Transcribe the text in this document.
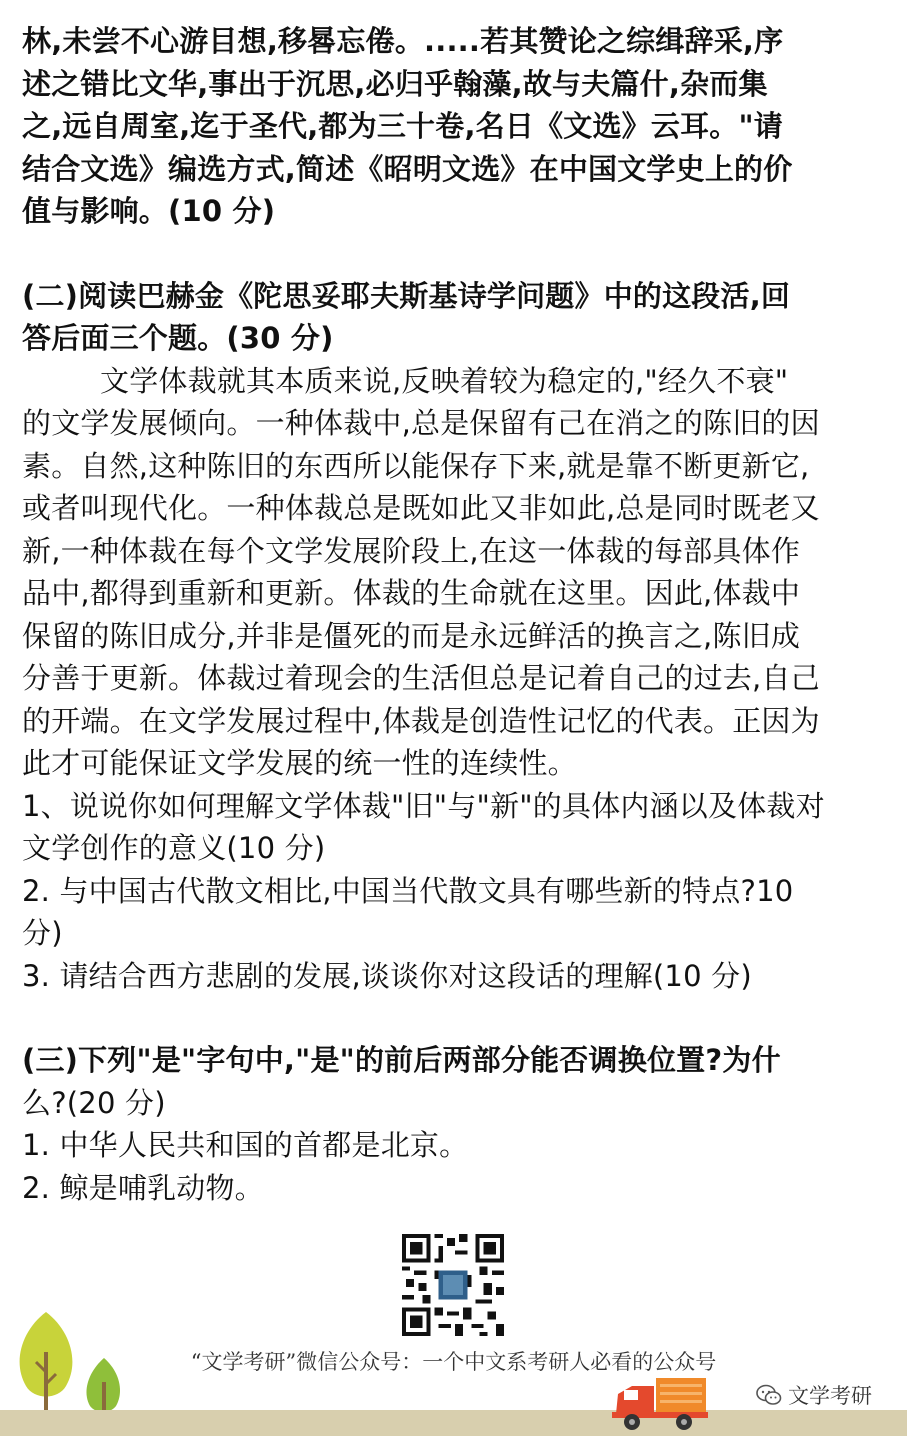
林,未尝不心游目想,移晷忘倦。.....若其赞论之综缉辞采,序
述之错比文华,事出于沉思,必归乎翰藻,故与夫篇什,杂而集
之,远自周室,迄于圣代,都为三十卷,名日《文选》云耳。"请
结合文选》编选方式,简述《昭明文选》在中国文学史上的价
值与影响。(10 分)
(二)阅读巴赫金《陀思妥耶夫斯基诗学问题》中的这段活,回
答后面三个题。(30 分)
文学体裁就其本质来说,反映着较为稳定的,"经久不衰"
的文学发展倾向。一种体裁中,总是保留有己在消之的陈旧的因
素。自然,这种陈旧的东西所以能保存下来,就是靠不断更新它,
或者叫现代化。一种体裁总是既如此又非如此,总是同时既老又
新,一种体裁在每个文学发展阶段上,在这一体裁的每部具体作
品中,都得到重新和更新。体裁的生命就在这里。因此,体裁中
保留的陈旧成分,并非是僵死的而是永远鲜活的换言之,陈旧成
分善于更新。体裁过着现会的生活但总是记着自己的过去,自己
的开端。在文学发展过程中,体裁是创造性记忆的代表。正因为
此才可能保证文学发展的统一性的连续性。
1、说说你如何理解文学体裁"旧"与"新"的具体内涵以及体裁对
文学创作的意义(10 分)
2. 与中国古代散文相比,中国当代散文具有哪些新的特点?10
分)
3. 请结合西方悲剧的发展,谈谈你对这段话的理解(10 分)
(三)下列"是"字句中,"是"的前后两部分能否调换位置?为什
么?(20 分)
1. 中华人民共和国的首都是北京。
2. 鲸是哺乳动物。
“文学考研”微信公众号：一个中文系考研人必看的公众号
文学考研
